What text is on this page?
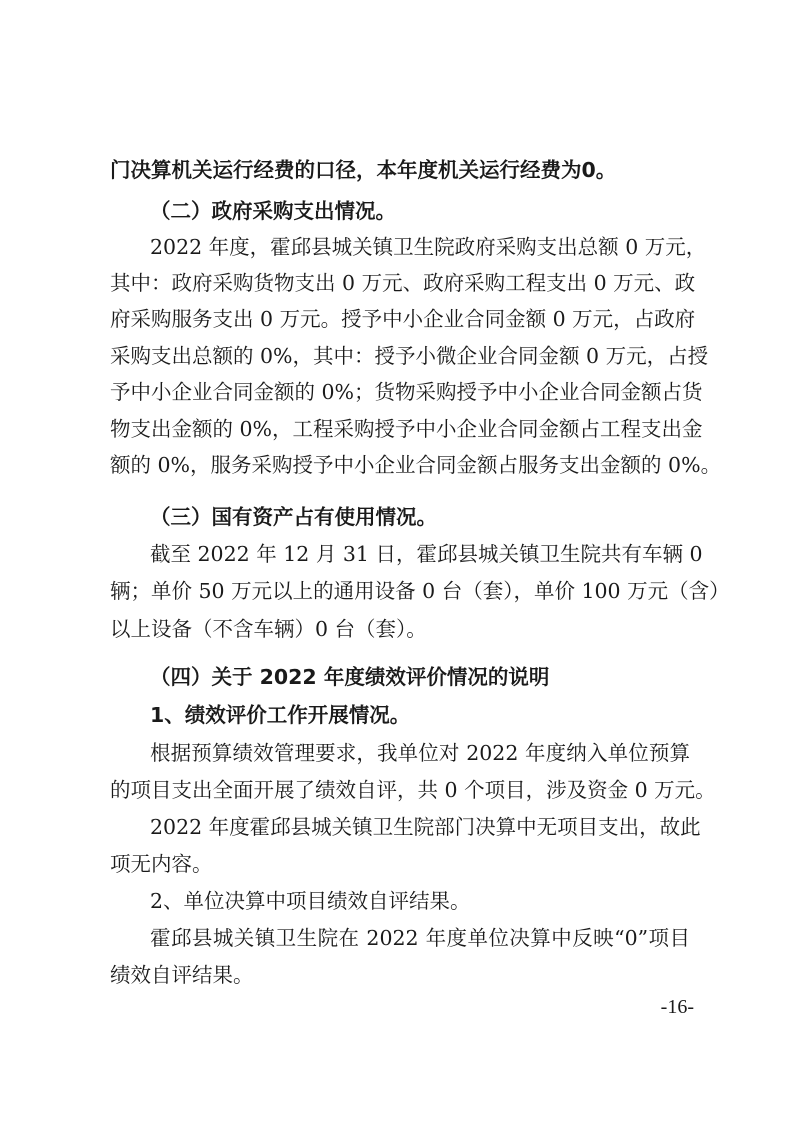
门决算机关运行经费的口径，本年度机关运行经费为0。
（二）政府采购支出情况。
2022 年度，霍邱县城关镇卫生院政府采购支出总额 0 万元，
其中：政府采购货物支出 0 万元、政府采购工程支出 0 万元、政
府采购服务支出 0 万元。授予中小企业合同金额 0 万元，占政府
采购支出总额的 0%，其中：授予小微企业合同金额 0 万元，占授
予中小企业合同金额的 0%；货物采购授予中小企业合同金额占货
物支出金额的 0%，工程采购授予中小企业合同金额占工程支出金
额的 0%，服务采购授予中小企业合同金额占服务支出金额的 0%。
（三）国有资产占有使用情况。
截至 2022 年 12 月 31 日，霍邱县城关镇卫生院共有车辆 0
辆；单价 50 万元以上的通用设备 0 台（套），单价 100 万元（含）
以上设备（不含车辆）0 台（套）。
（四）关于 2022 年度绩效评价情况的说明
1、绩效评价工作开展情况。
根据预算绩效管理要求，我单位对 2022 年度纳入单位预算
的项目支出全面开展了绩效自评，共 0 个项目，涉及资金 0 万元。
2022 年度霍邱县城关镇卫生院部门决算中无项目支出，故此
项无内容。
2、单位决算中项目绩效自评结果。
霍邱县城关镇卫生院在 2022 年度单位决算中反映“0”项目
绩效自评结果。
-16-
